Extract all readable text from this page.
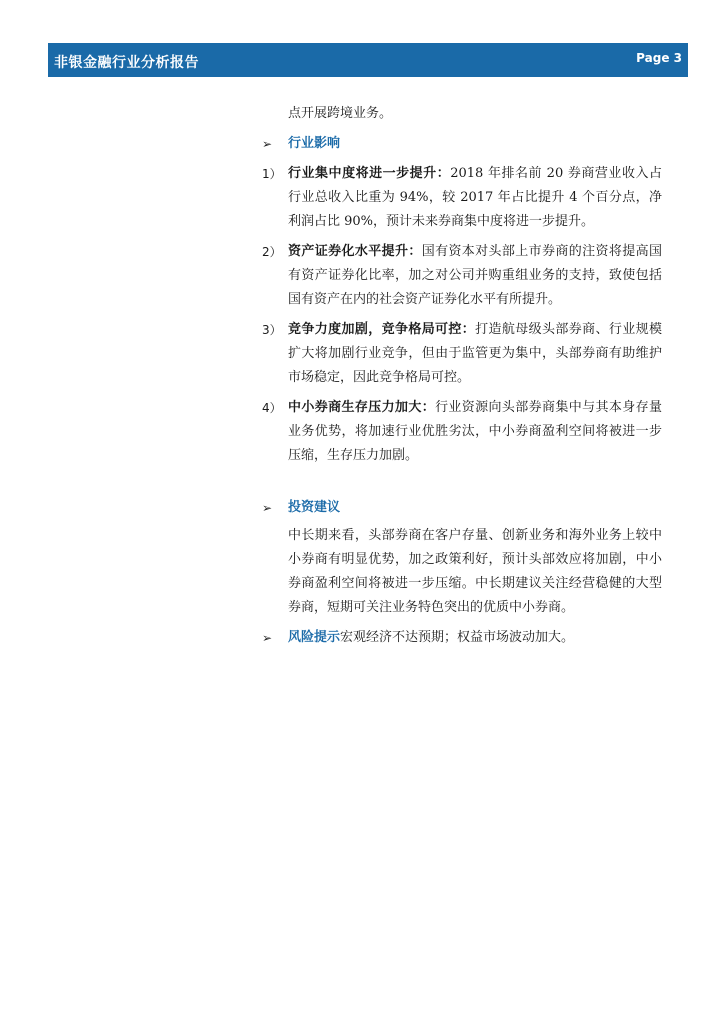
非银金融行业分析报告	Page 3

点开展跨境业务。

➢	行业影响
1） 行业集中度将进一步提升：2018 年排名前 20 券商营业收入占行业总收入比重为 94%，较 2017 年占比提升 4 个百分点，净利润占比 90%，预计未来券商集中度将进一步提升。
2） 资产证券化水平提升：国有资本对头部上市券商的注资将提高国有资产证券化比率，加之对公司并购重组业务的支持，致使包括国有资产在内的社会资产证券化水平有所提升。
3） 竞争力度加剧，竞争格局可控：打造航母级头部券商、行业规模扩大将加剧行业竞争，但由于监管更为集中，头部券商有助维护市场稳定，因此竞争格局可控。
4） 中小券商生存压力加大：行业资源向头部券商集中与其本身存量业务优势，将加速行业优胜劣汰，中小券商盈利空间将被进一步压缩，生存压力加剧。
➢	投资建议

中长期来看，头部券商在客户存量、创新业务和海外业务上较中小券商有明显优势，加之政策利好，预计头部效应将加剧，中小券商盈利空间将被进一步压缩。中长期建议关注经营稳健的大型券商，短期可关注业务特色突出的优质中小券商。

➢	风险提示宏观经济不达预期；权益市场波动加大。
